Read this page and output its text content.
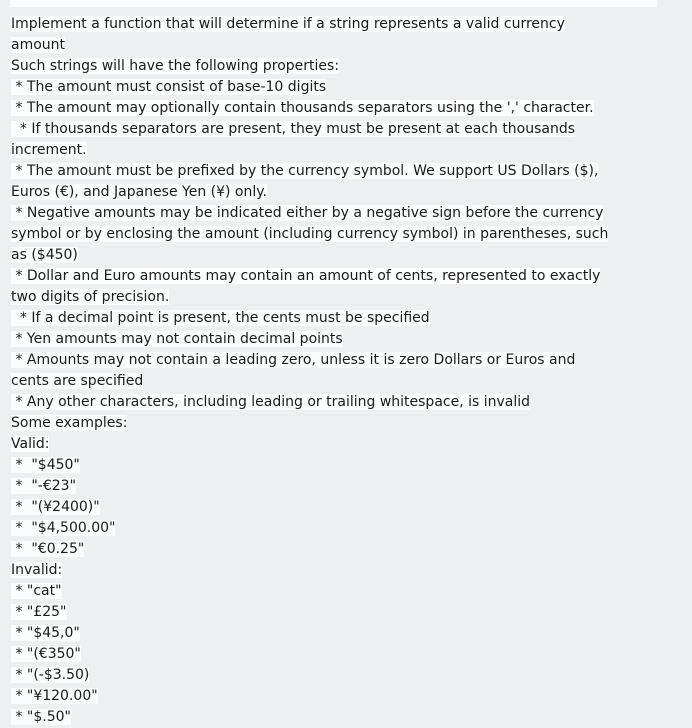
Implement a function that will determine if a string represents a valid currency
amount
Such strings will have the following properties:
* The amount must consist of base-10 digits
* The amount may optionally contain thousands separators using the ',' character.
* If thousands separators are present, they must be present at each thousands
increment.
* The amount must be prefixed by the currency symbol. We support US Dollars ($),
Euros (€), and Japanese Yen (¥) only.
* Negative amounts may be indicated either by a negative sign before the currency
symbol or by enclosing the amount (including currency symbol) in parentheses, such
as ($450)
* Dollar and Euro amounts may contain an amount of cents, represented to exactly
two digits of precision.
* If a decimal point is present, the cents must be specified
* Yen amounts may not contain decimal points
* Amounts may not contain a leading zero, unless it is zero Dollars or Euros and
cents are specified
* Any other characters, including leading or trailing whitespace, is invalid
Some examples:
Valid:
*  "$450"
*  "-€23"
*  "(¥2400)"
*  "$4,500.00"
*  "€0.25"
Invalid:
* "cat"
* "£25"
* "$45,0"
* "(€350"
* "(-$3.50)
* "¥120.00"
* "$.50"
